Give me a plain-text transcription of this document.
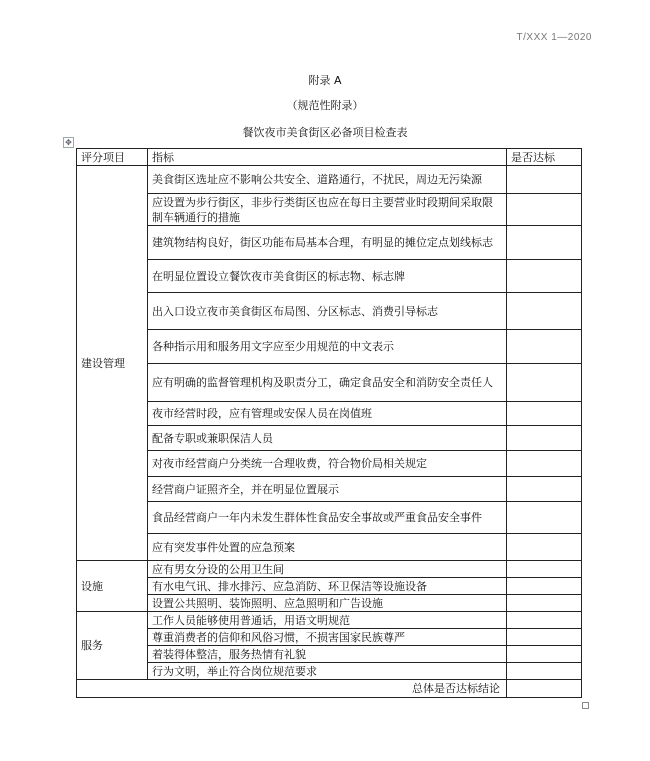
T/XXX 1—2020
附录 A
（规范性附录）
餐饮夜市美食街区必备项目检查表
✥
评分项目	指标	是否达标
建设管理	美食街区选址应不影响公共安全、道路通行，不扰民，周边无污染源	
	应设置为步行街区，非步行类街区也应在每日主要营业时段期间采取限制车辆通行的措施	
	建筑物结构良好，街区功能布局基本合理，有明显的摊位定点划线标志	
	在明显位置设立餐饮夜市美食街区的标志物、标志牌	
	出入口设立夜市美食街区布局图、分区标志、消费引导标志	
	各种指示用和服务用文字应至少用规范的中文表示	
	应有明确的监督管理机构及职责分工，确定食品安全和消防安全责任人	
	夜市经营时段，应有管理或安保人员在岗值班	
	配备专职或兼职保洁人员	
	对夜市经营商户分类统一合理收费，符合物价局相关规定	
	经营商户证照齐全，并在明显位置展示	
	食品经营商户一年内未发生群体性食品安全事故或严重食品安全事件	
	应有突发事件处置的应急预案	
设施	应有男女分设的公用卫生间	
	有水电气讯、排水排污、应急消防、环卫保洁等设施设备	
	设置公共照明、装饰照明、应急照明和广告设施	
服务	工作人员能够使用普通话，用语文明规范	
	尊重消费者的信仰和风俗习惯，不损害国家民族尊严	
	着装得体整洁，服务热情有礼貌	
	行为文明，举止符合岗位规范要求	
总体是否达标结论		
